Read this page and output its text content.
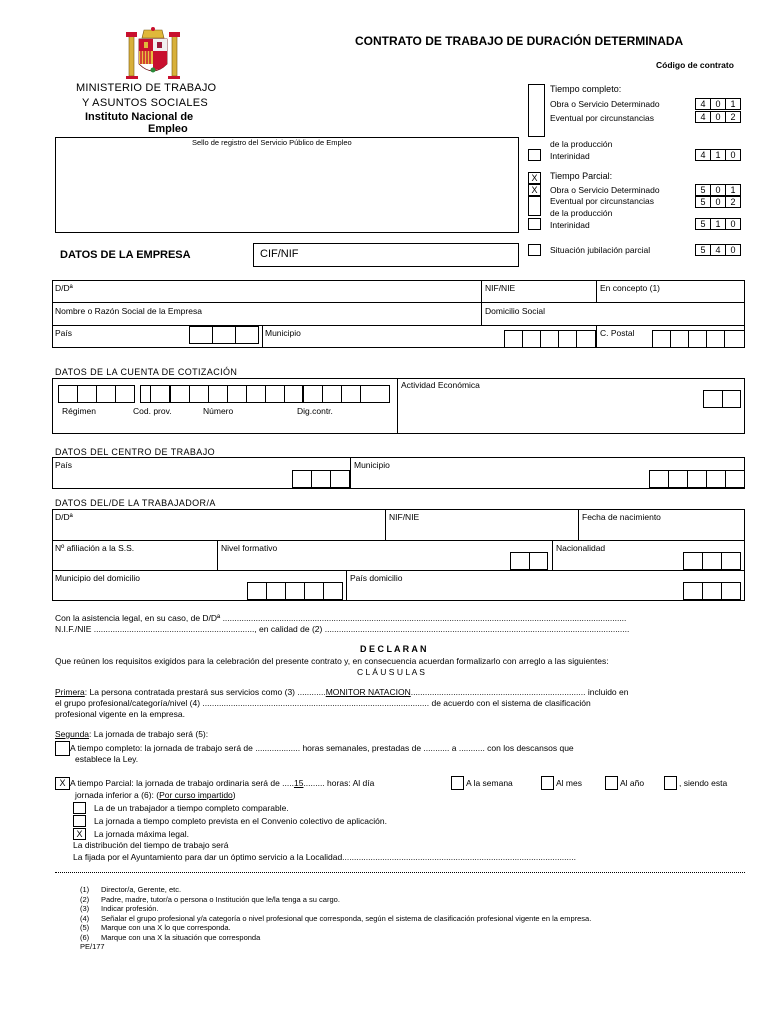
CONTRATO DE TRABAJO DE DURACIÓN DETERMINADA
Código de contrato
MINISTERIO DE TRABAJO
Y ASUNTOS SOCIALES
Instituto Nacional de
Empleo
Sello de registro del Servicio Público de Empleo
Tiempo completo:
Obra o Servicio Determinado	4	0	1
Eventual por circunstancias	4	0	2
de la producción
Interinidad	4	1	0
X	Tiempo Parcial:
X	Obra o Servicio Determinado	5	0	1
Eventual por circunstancias	5	0	2
de la producción
Interinidad	5	1	0
Situación jubilación parcial	5	4	0
DATOS DE LA EMPRESA	CIF/NIF
D/Dª	NIF/NIE	En concepto (1)
Nombre o Razón Social de la Empresa	Domicilio Social
País	Municipio	C. Postal
DATOS DE LA CUENTA DE COTIZACIÓN
Régimen	Cod. prov.	Número	Dig.contr.
Actividad Económica
DATOS DEL CENTRO DE TRABAJO
País	Municipio
DATOS DEL/DE LA TRABAJADOR/A
D/Dª	NIF/NIE	Fecha de nacimiento
Nº afiliación a la S.S.	Nivel formativo	Nacionalidad
Municipio del domicilio	País domicilio
Con la asistencia legal, en su caso, de D/Dª ...........................................................................................................................................................................
N.I.F./NIE ...................................................................., en calidad de (2) .................................................................................................................................
D E C L A R A N
Que reúnen los requisitos exigidos para la celebración del presente contrato y, en consecuencia acuerdan formalizarlo con arreglo a las siguientes:
C L Á U S U L A S
Primera: La persona contratada prestará sus servicios como (3) ............MONITOR NATACION.......................................................................... incluido en
el grupo profesional/categoría/nivel (4) ................................................................................................ de acuerdo con el sistema de clasificación
profesional vigente en la empresa.
Segunda: La jornada de trabajo será (5):
A tiempo completo: la jornada de trabajo será de ................... horas semanales, prestadas de ........... a ........... con los descansos que
establece la Ley.
X A tiempo Parcial: la jornada de trabajo ordinaria será de .....15......... horas: Al día	A la semana	Al mes	Al año	, siendo esta
jornada inferior a (6): (Por curso impartido)
La de un trabajador a tiempo completo comparable.
La jornada a tiempo completo prevista en el Convenio colectivo de aplicación.
X	La jornada máxima legal.
La distribución del tiempo de trabajo será
La fijada por el Ayuntamiento para dar un óptimo servicio a la Localidad...................................................................................................
(1) Director/a, Gerente, etc.
(2) Padre, madre, tutor/a o persona o Institución que le/la tenga a su cargo.
(3) Indicar profesión.
(4) Señalar el grupo profesional y/a categoría o nivel profesional que corresponda, según el sistema de clasificación profesional vigente en la empresa.
(5) Marque con una X lo que corresponda.
(6) Marque con una X la situación que corresponda
PE/177
